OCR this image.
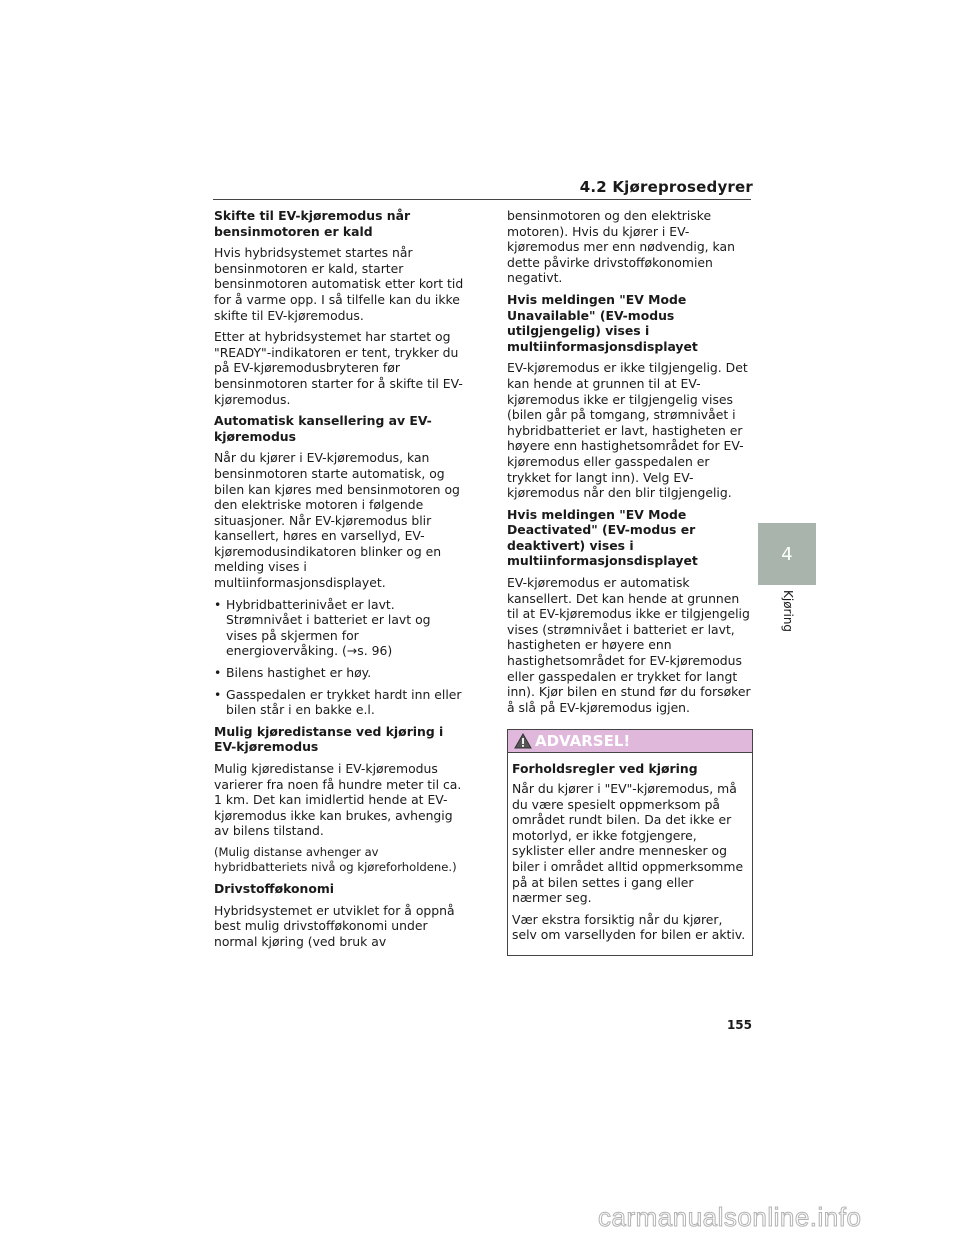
4.2 Kjøreprosedyrer
Skifte til EV-kjøremodus når bensinmotoren er kald

Hvis hybridsystemet startes når bensinmotoren er kald, starter bensinmotoren automatisk etter kort tid for å varme opp. I så tilfelle kan du ikke skifte til EV-kjøremodus.

Etter at hybridsystemet har startet og "READY"-indikatoren er tent, trykker du på EV-kjøremodusbryteren før bensinmotoren starter for å skifte til EV-kjøremodus.

Automatisk kansellering av EV-kjøremodus

Når du kjører i EV-kjøremodus, kan bensinmotoren starte automatisk, og bilen kan kjøres med bensinmotoren og den elektriske motoren i følgende situasjoner. Når EV-kjøremodus blir kansellert, høres en varsellyd, EV-kjøremodusindikatoren blinker og en melding vises i multiinformasjonsdisplayet.

• Hybridbatterinivået er lavt. Strømnivået i batteriet er lavt og vises på skjermen for energiovervåking. (→s. 96)
• Bilens hastighet er høy.
• Gasspedalen er trykket hardt inn eller bilen står i en bakke e.l.
Mulig kjøredistanse ved kjøring i EV-kjøremodus

Mulig kjøredistanse i EV-kjøremodus varierer fra noen få hundre meter til ca. 1 km. Det kan imidlertid hende at EV-kjøremodus ikke kan brukes, avhengig av bilens tilstand.

(Mulig distanse avhenger av hybridbatteriets nivå og kjøreforholdene.)

Drivstofføkonomi

Hybridsystemet er utviklet for å oppnå best mulig drivstofføkonomi under normal kjøring (ved bruk av

bensinmotoren og den elektriske motoren). Hvis du kjører i EV-kjøremodus mer enn nødvendig, kan dette påvirke drivstofføkonomien negativt.

Hvis meldingen "EV Mode Unavailable" (EV-modus utilgjengelig) vises i multiinformasjonsdisplayet

EV-kjøremodus er ikke tilgjengelig. Det kan hende at grunnen til at EV-kjøremodus ikke er tilgjengelig vises (bilen går på tomgang, strømnivået i hybridbatteriet er lavt, hastigheten er høyere enn hastighetsområdet for EV-kjøremodus eller gasspedalen er trykket for langt inn). Velg EV-kjøremodus når den blir tilgjengelig.

Hvis meldingen "EV Mode Deactivated" (EV-modus er deaktivert) vises i multiinformasjonsdisplayet

EV-kjøremodus er automatisk kansellert. Det kan hende at grunnen til at EV-kjøremodus ikke er tilgjengelig vises (strømnivået i batteriet er lavt, hastigheten er høyere enn hastighetsområdet for EV-kjøremodus eller gasspedalen er trykket for langt inn). Kjør bilen en stund før du forsøker å slå på EV-kjøremodus igjen.

ADVARSEL!
Forholdsregler ved kjøring

Når du kjører i "EV"-kjøremodus, må du være spesielt oppmerksom på området rundt bilen. Da det ikke er motorlyd, er ikke fotgjengere, syklister eller andre mennesker og biler i området alltid oppmerksomme på at bilen settes i gang eller nærmer seg.

Vær ekstra forsiktig når du kjører, selv om varsellyden for bilen er aktiv.

4
Kjøring
155
carmanualsonline.info
